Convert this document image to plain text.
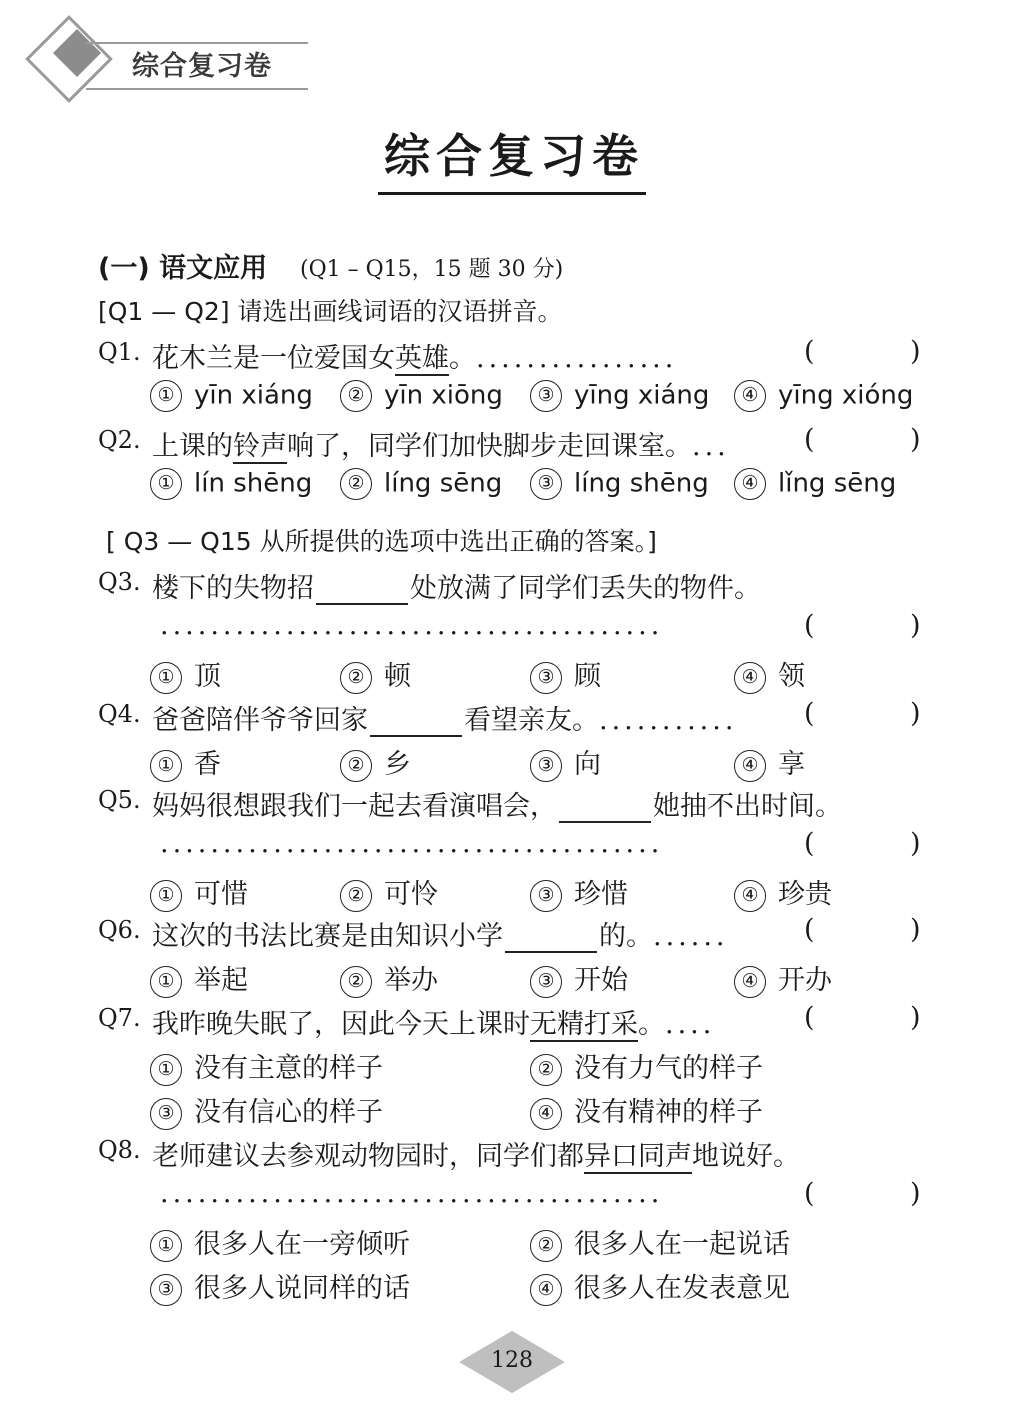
综合复习卷
综合复习卷
(一) 语文应用 (Q1 – Q15，15 题 30 分)
[Q1 — Q2] 请选出画线词语的汉语拼音。
Q1. 花木兰是一位爱国女英雄。................	(	)
① yīn xiáng	② yīn xiōng	③ yīng xiáng	④ yīng xióng
Q2. 上课的铃声响了，同学们加快脚步走回课室。...	(	)
① lín shēng	② líng sēng	③ líng shēng	④ lǐng sēng
[ Q3 — Q15 从所提供的选项中选出正确的答案。]
Q3. 楼下的失物招	处放满了同学们丢失的物件。
........................................	(	)
① 顶	② 顿	③ 顾	④ 领
Q4. 爸爸陪伴爷爷回家	看望亲友。........... (	)
① 香	② 乡	③ 向	④ 享
Q5. 妈妈很想跟我们一起去看演唱会，	她抽不出时间。
........................................	(	)
① 可惜	② 可怜	③ 珍惜	④ 珍贵
Q6. 这次的书法比赛是由知识小学	的。......	(	)
① 举起	② 举办	③ 开始	④ 开办
Q7. 我昨晚失眠了，因此今天上课时无精打采。....	(	)
① 没有主意的样子	② 没有力气的样子
③ 没有信心的样子	④ 没有精神的样子
Q8. 老师建议去参观动物园时，同学们都异口同声地说好。
........................................	(	)
① 很多人在一旁倾听	② 很多人在一起说话
③ 很多人说同样的话	④ 很多人在发表意见
128
